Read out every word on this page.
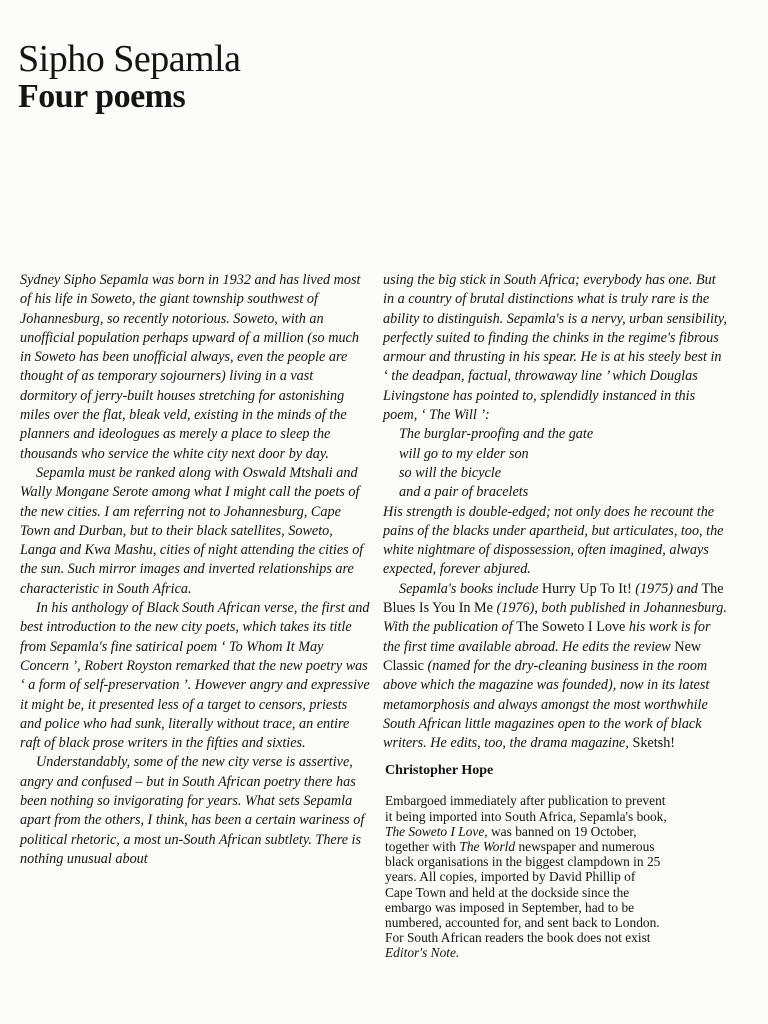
Sipho Sepamla
Four poems

Sydney Sipho Sepamla was born in 1932 and has lived most of his life in Soweto, the giant township southwest of Johannesburg, so recently notorious. Soweto, with an unofficial population perhaps upward of a million (so much in Soweto has been unofficial always, even the people are thought of as temporary sojourners) living in a vast dormitory of jerry-built houses stretching for astonishing miles over the flat, bleak veld, existing in the minds of the planners and ideologues as merely a place to sleep the thousands who service the white city next door by day.

Sepamla must be ranked along with Oswald Mtshali and Wally Mongane Serote among what I might call the poets of the new cities. I am referring not to Johannesburg, Cape Town and Durban, but to their black satellites, Soweto, Langa and Kwa Mashu, cities of night attending the cities of the sun. Such mirror images and inverted relationships are characteristic in South Africa.

In his anthology of Black South African verse, the first and best introduction to the new city poets, which takes its title from Sepamla's fine satirical poem ‘ To Whom It May Concern ’, Robert Royston remarked that the new poetry was ‘ a form of self-preservation ’. However angry and expressive it might be, it presented less of a target to censors, priests and police who had sunk, literally without trace, an entire raft of black prose writers in the fifties and sixties.

Understandably, some of the new city verse is assertive, angry and confused – but in South African poetry there has been nothing so invigorating for years. What sets Sepamla apart from the others, I think, has been a certain wariness of political rhetoric, a most un-South African subtlety. There is nothing unusual about

using the big stick in South Africa; everybody has one. But in a country of brutal distinctions what is truly rare is the ability to distinguish. Sepamla's is a nervy, urban sensibility, perfectly suited to finding the chinks in the regime's fibrous armour and thrusting in his spear. He is at his steely best in ‘ the deadpan, factual, throwaway line ’ which Douglas Livingstone has pointed to, splendidly instanced in this poem, ‘ The Will ’:

The burglar-proofing and the gate
will go to my elder son
so will the bicycle
and a pair of bracelets

His strength is double-edged; not only does he recount the pains of the blacks under apartheid, but articulates, too, the white nightmare of dispossession, often imagined, always expected, forever abjured.

Sepamla's books include Hurry Up To It! (1975) and The Blues Is You In Me (1976), both published in Johannesburg. With the publication of The Soweto I Love his work is for the first time available abroad. He edits the review New Classic (named for the dry-cleaning business in the room above which the magazine was founded), now in its latest metamorphosis and always amongst the most worthwhile South African little magazines open to the work of black writers. He edits, too, the drama magazine, Sketsh!

Christopher Hope

Embargoed immediately after publication to prevent
it being imported into South Africa, Sepamla's book,
The Soweto I Love, was banned on 19 October,
together with The World newspaper and numerous
black organisations in the biggest clampdown in 25
years. All copies, imported by David Phillip of
Cape Town and held at the dockside since the
embargo was imposed in September, had to be
numbered, accounted for, and sent back to London.
For South African readers the book does not exist
Editor's Note.
